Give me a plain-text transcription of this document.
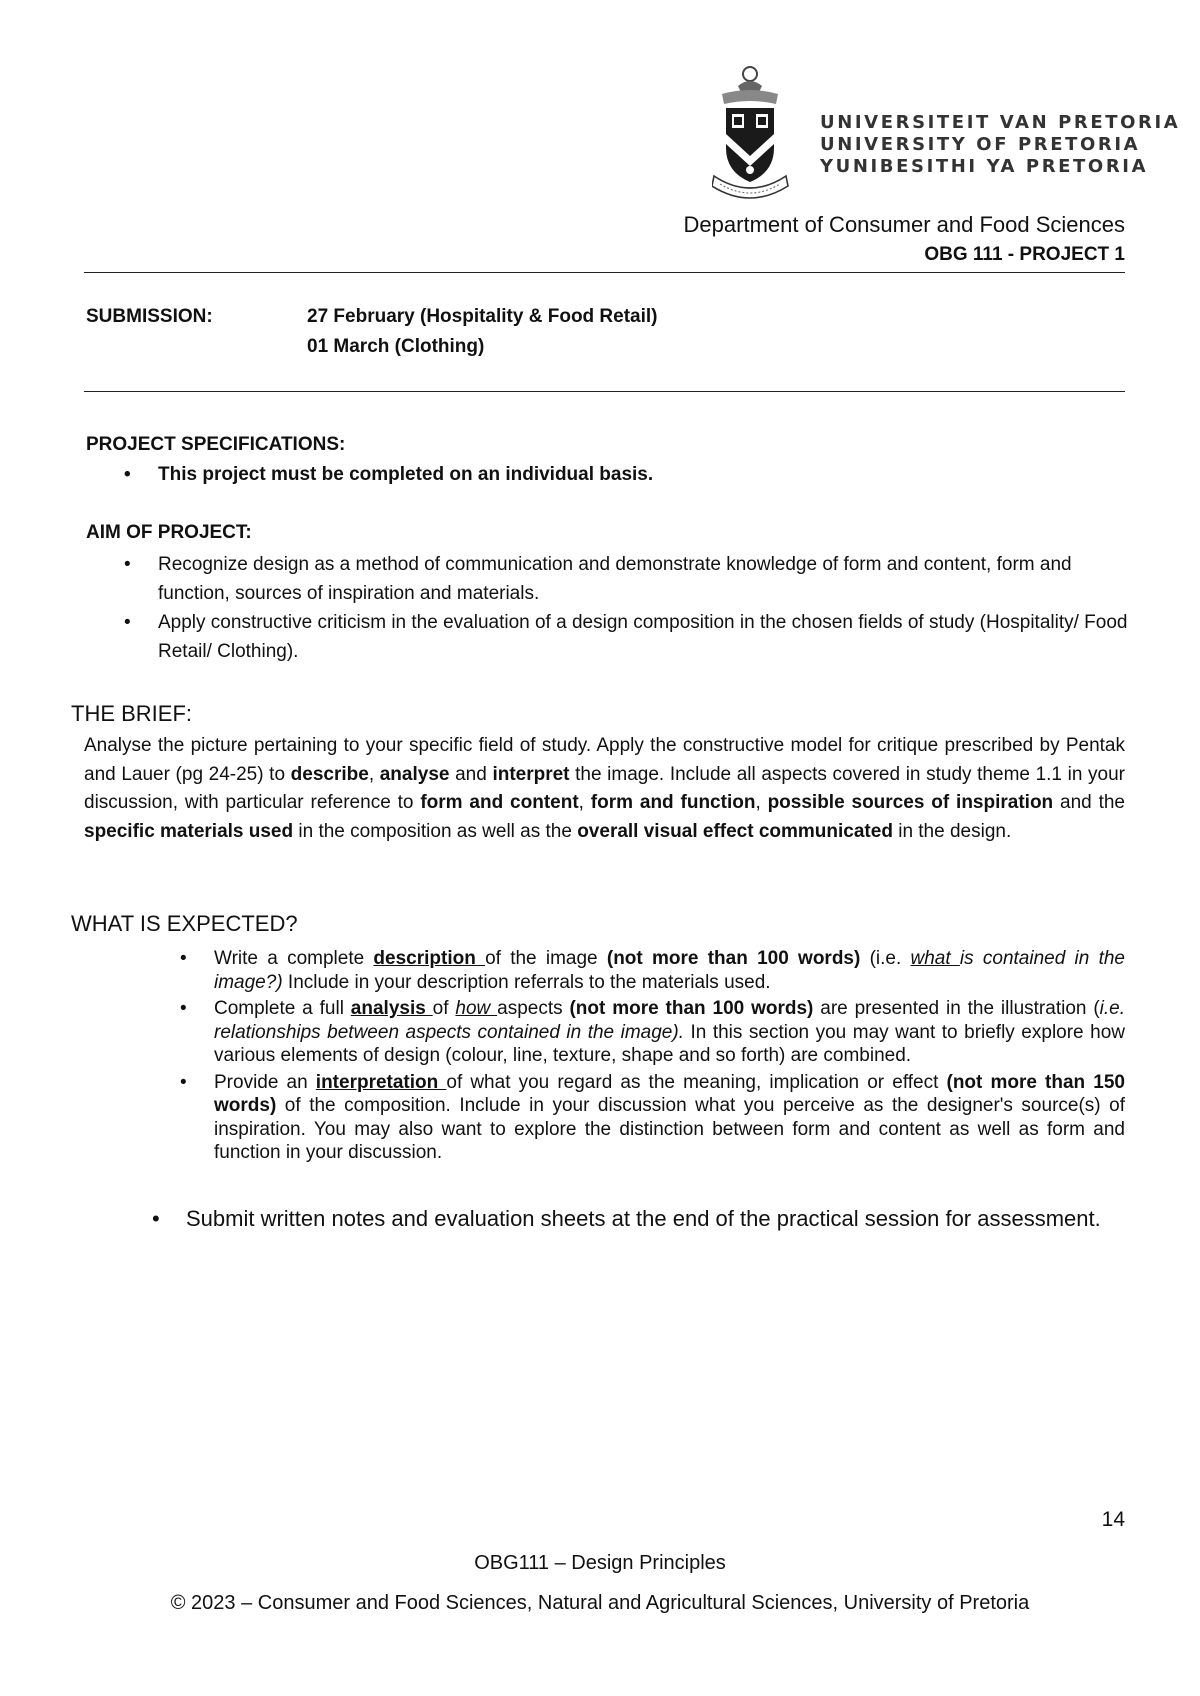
UNIVERSITEIT VAN PRETORIA
UNIVERSITY OF PRETORIA
YUNIBESITHI YA PRETORIA
Department of Consumer and Food Sciences
OBG 111 - PROJECT 1
SUBMISSION:	27 February (Hospitality & Food Retail)
01 March (Clothing)
PROJECT SPECIFICATIONS:
• This project must be completed on an individual basis.
AIM OF PROJECT:
• Recognize design as a method of communication and demonstrate knowledge of form and content, form and function, sources of inspiration and materials.
• Apply constructive criticism in the evaluation of a design composition in the chosen fields of study (Hospitality/ Food Retail/ Clothing).
THE BRIEF:
Analyse the picture pertaining to your specific field of study. Apply the constructive model for critique prescribed by Pentak and Lauer (pg 24-25) to describe, analyse and interpret the image. Include all aspects covered in study theme 1.1 in your discussion, with particular reference to form and content, form and function, possible sources of inspiration and the specific materials used in the composition as well as the overall visual effect communicated in the design.
WHAT IS EXPECTED?
• Write a complete description of the image (not more than 100 words) (i.e. what is contained in the image?) Include in your description referrals to the materials used.
• Complete a full analysis of how aspects (not more than 100 words) are presented in the illustration (i.e. relationships between aspects contained in the image). In this section you may want to briefly explore how various elements of design (colour, line, texture, shape and so forth) are combined.
• Provide an interpretation of what you regard as the meaning, implication or effect (not more than 150 words) of the composition. Include in your discussion what you perceive as the designer's source(s) of inspiration. You may also want to explore the distinction between form and content as well as form and function in your discussion.
• Submit written notes and evaluation sheets at the end of the practical session for assessment.
14
OBG111 – Design Principles
© 2023 – Consumer and Food Sciences, Natural and Agricultural Sciences, University of Pretoria
